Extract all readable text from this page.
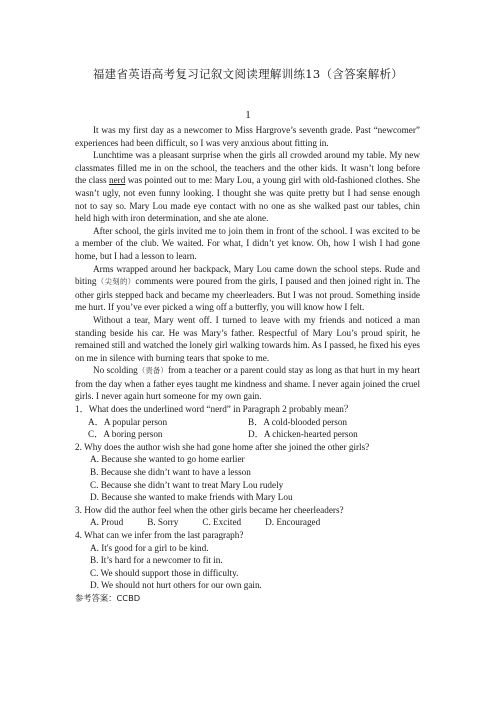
福建省英语高考复习记叙文阅读理解训练13（含答案解析）
1

It was my first day as a newcomer to Miss Hargrove’s seventh grade. Past “newcomer” experiences had been difficult, so I was very anxious about fitting in.

Lunchtime was a pleasant surprise when the girls all crowded around my table. My new classmates filled me in on the school, the teachers and the other kids. It wasn’t long before the class nerd was pointed out to me: Mary Lou, a young girl with old-fashioned clothes. She wasn’t ugly, not even funny looking. I thought she was quite pretty but I had sense enough not to say so. Mary Lou made eye contact with no one as she walked past our tables, chin held high with iron determination, and she ate alone.

After school, the girls invited me to join them in front of the school. I was excited to be a member of the club. We waited. For what, I didn’t yet know. Oh, how I wish I had gone home, but I had a lesson to learn.

Arms wrapped around her backpack, Mary Lou came down the school steps. Rude and biting（尖刻的）comments were poured from the girls, I paused and then joined right in. The other girls stepped back and became my cheerleaders. But I was not proud. Something inside me hurt. If you’ve ever picked a wing off a butterfly, you will know how I felt.

Without a tear, Mary went off. I turned to leave with my friends and noticed a man standing beside his car. He was Mary’s father. Respectful of Mary Lou’s proud spirit, he remained still and watched the lonely girl walking towards him. As I passed, he fixed his eyes on me in silence with burning tears that spoke to me.

No scolding（责备）from a teacher or a parent could stay as long as that hurt in my heart from the day when a father eyes taught me kindness and shame. I never again joined the cruel girls. I never again hurt someone for my own gain.

1．What does the underlined word “nerd” in Paragraph 2 probably mean？
A．A popular person	B．A cold-blooded person
C．A boring person	D．A chicken-hearted person
2. Why does the author wish she had gone home after she joined the other girls?
A. Because she wanted to go home earlier
B. Because she didn’t want to have a lesson
C. Because she didn’t want to treat Mary Lou rudely
D. Because she wanted to make friends with Mary Lou
3. How did the author feel when the other girls became her cheerleaders?
A. Proud	B. Sorry	C. Excited	D. Encouraged
4. What can we infer from the last paragraph?
A. It's good for a girl to be kind.
B. It’s hard for a newcomer to fit in.
C. We should support those in difficulty.
D. We should not hurt others for our own gain.
参考答案：CCBD
